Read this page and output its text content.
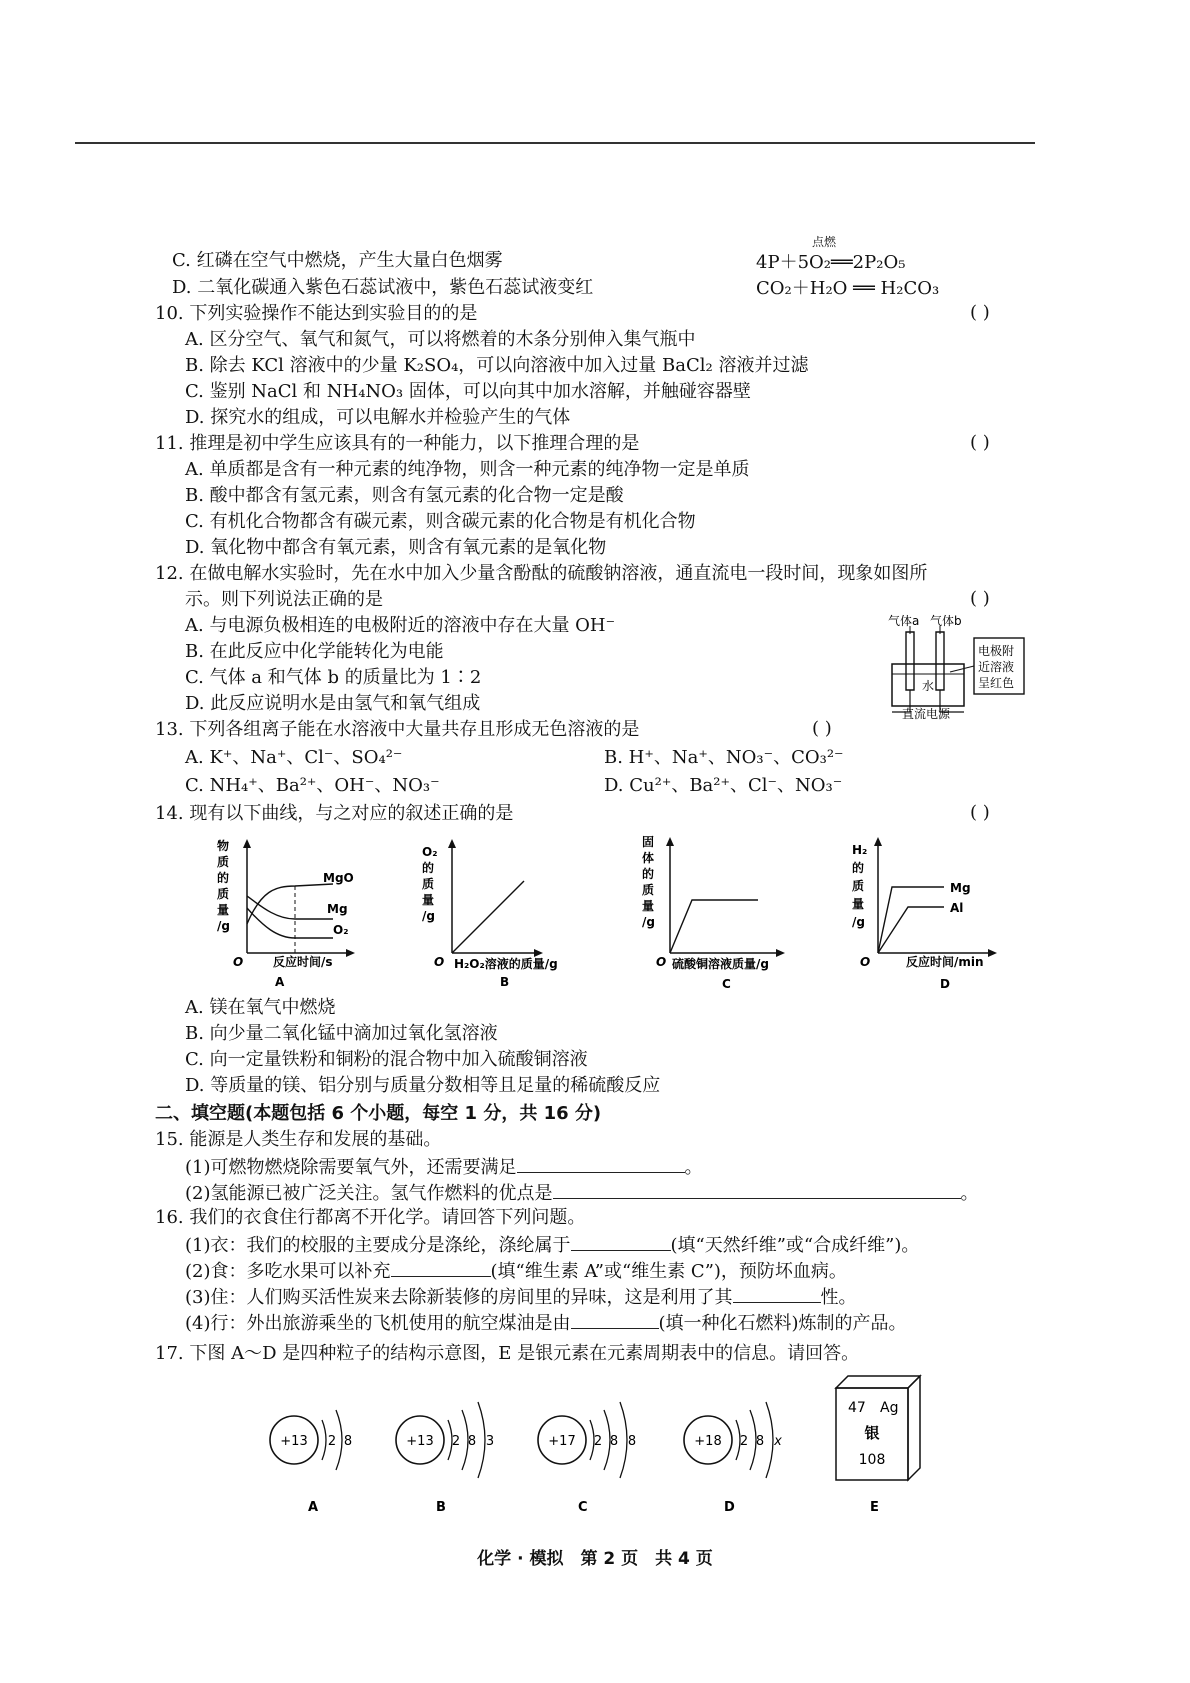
C. 红磷在空气中燃烧，产生大量白色烟雾	4P＋5O₂══2P₂O₅
点燃
D. 二氧化碳通入紫色石蕊试液中，紫色石蕊试液变红	CO₂＋H₂O ══ H₂CO₃
10. 下列实验操作不能达到实验目的的是	( )
A. 区分空气、氧气和氮气，可以将燃着的木条分别伸入集气瓶中
B. 除去 KCl 溶液中的少量 K₂SO₄，可以向溶液中加入过量 BaCl₂ 溶液并过滤
C. 鉴别 NaCl 和 NH₄NO₃ 固体，可以向其中加水溶解，并触碰容器壁
D. 探究水的组成，可以电解水并检验产生的气体
11. 推理是初中学生应该具有的一种能力，以下推理合理的是	( )
A. 单质都是含有一种元素的纯净物，则含一种元素的纯净物一定是单质
B. 酸中都含有氢元素，则含有氢元素的化合物一定是酸
C. 有机化合物都含有碳元素，则含碳元素的化合物是有机化合物
D. 氧化物中都含有氧元素，则含有氧元素的是氧化物
12. 在做电解水实验时，先在水中加入少量含酚酞的硫酸钠溶液，通直流电一段时间，现象如图所
示。则下列说法正确的是	( )
A. 与电源负极相连的电极附近的溶液中存在大量 OH⁻
B. 在此反应中化学能转化为电能
C. 气体 a 和气体 b 的质量比为 1∶2
D. 此反应说明水是由氢气和氧气组成
气体a 气体b
水
直流电源
电极附
近溶液
呈红色
13. 下列各组离子能在水溶液中大量共存且形成无色溶液的是	( )
A. K⁺、Na⁺、Cl⁻、SO₄²⁻	B. H⁺、Na⁺、NO₃⁻、CO₃²⁻
C. NH₄⁺、Ba²⁺、OH⁻、NO₃⁻	D. Cu²⁺、Ba²⁺、Cl⁻、NO₃⁻
14. 现有以下曲线，与之对应的叙述正确的是	( )
物
质
的
质
量
/g
O
MgO
Mg
O₂
反应时间/s
A
O₂
的
质
量
/g
O H₂O₂溶液的质量/g
B
固
体
的
质
量
/g
O 硫酸铜溶液质量/g
C
H₂
的
质
量
/g
O
Mg
Al
反应时间/min
D
A. 镁在氧气中燃烧
B. 向少量二氧化锰中滴加过氧化氢溶液
C. 向一定量铁粉和铜粉的混合物中加入硫酸铜溶液
D. 等质量的镁、铝分别与质量分数相等且足量的稀硫酸反应
二、填空题(本题包括 6 个小题，每空 1 分，共 16 分)
15. 能源是人类生存和发展的基础。
(1)可燃物燃烧除需要氧气外，还需要满足	。
(2)氢能源已被广泛关注。氢气作燃料的优点是	。
16. 我们的衣食住行都离不开化学。请回答下列问题。
(1)衣：我们的校服的主要成分是涤纶，涤纶属于	(填“天然纤维”或“合成纤维”)。
(2)食：多吃水果可以补充	(填“维生素 A”或“维生素 C”)，预防坏血病。
(3)住：人们购买活性炭来去除新装修的房间里的异味，这是利用了其	性。
(4)行：外出旅游乘坐的飞机使用的航空煤油是由	(填一种化石燃料)炼制的产品。
17. 下图 A～D 是四种粒子的结构示意图，E 是银元素在元素周期表中的信息。请回答。
+13 2 8
A
+13 2 8 3
B
+17 2 8 8
C
+18 2 8 x
D
47 Ag
银
108
E
化学 · 模拟　第 2 页　共 4 页
